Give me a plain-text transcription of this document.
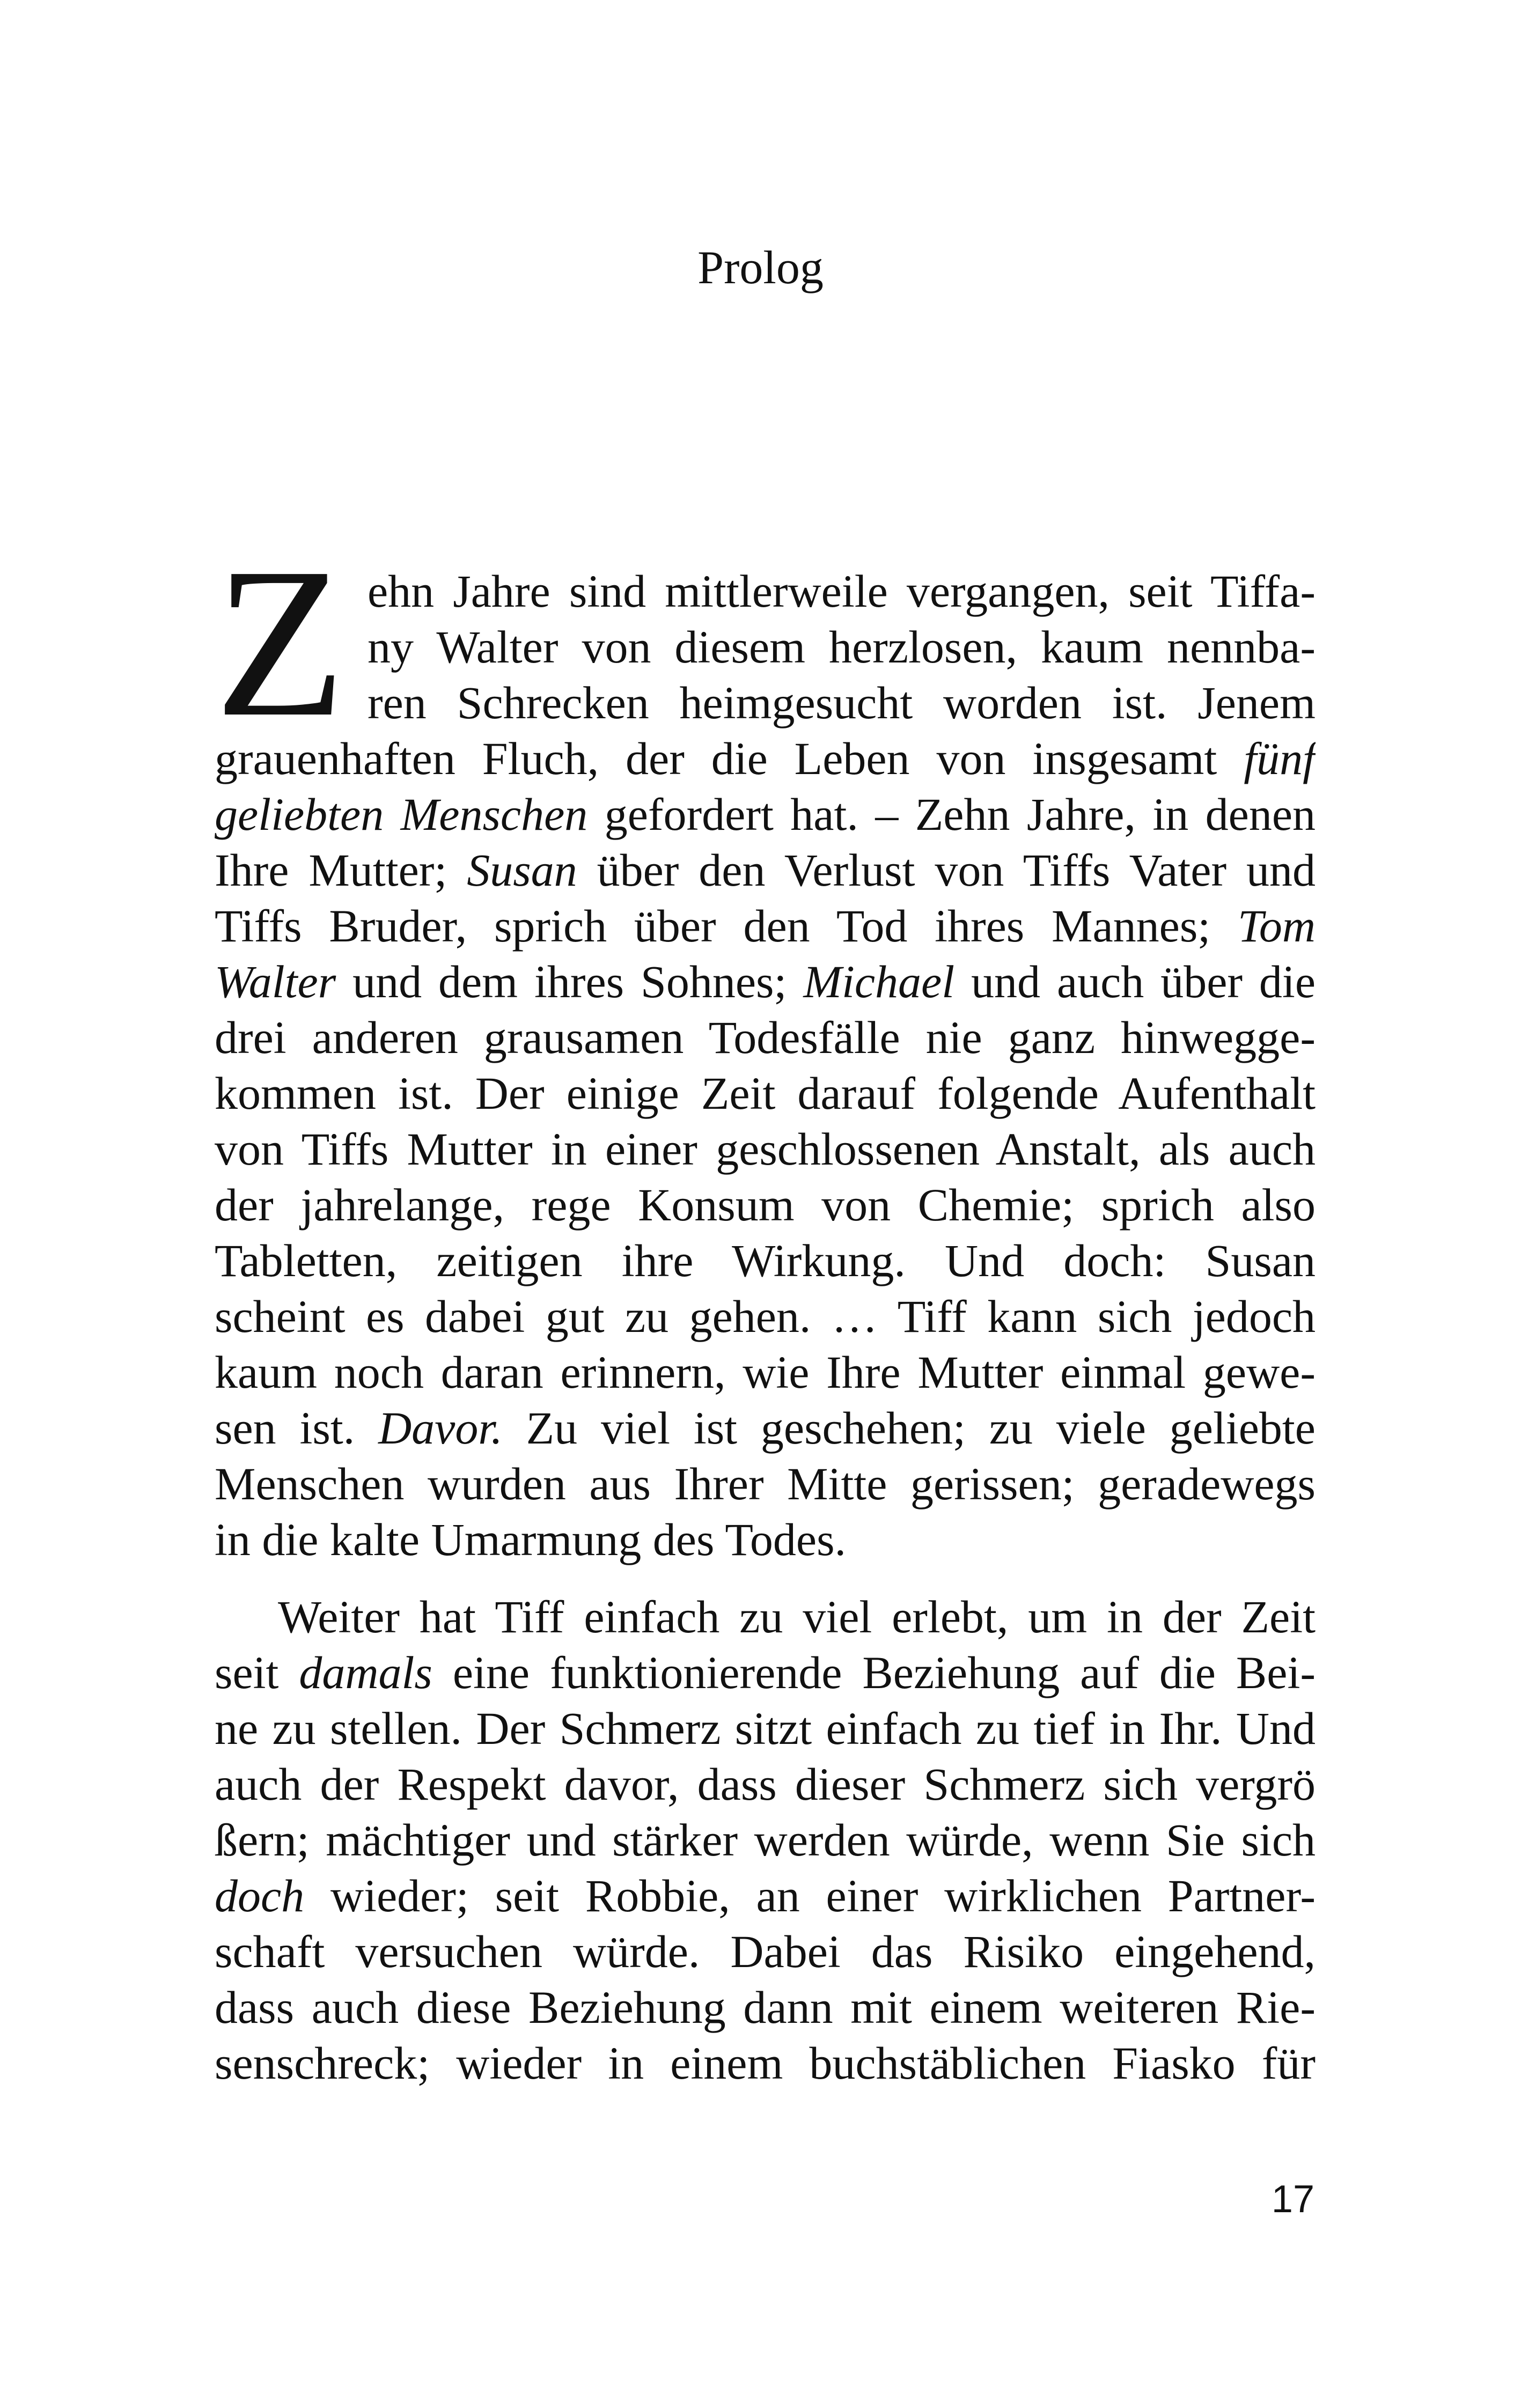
Prolog
Z ehn Jahre sind mittlerweile vergangen, seit Tiffa-
ny Walter von diesem herzlosen, kaum nennba-
ren Schrecken heimgesucht worden ist. Jenem
grauenhaften Fluch, der die Leben von insgesamt fünf
geliebten Menschen gefordert hat. – Zehn Jahre, in denen
Ihre Mutter; Susan über den Verlust von Tiffs Vater und
Tiffs Bruder, sprich über den Tod ihres Mannes; Tom
Walter und dem ihres Sohnes; Michael und auch über die
drei anderen grausamen Todesfälle nie ganz hinwegge-
kommen ist. Der einige Zeit darauf folgende Aufenthalt
von Tiffs Mutter in einer geschlossenen Anstalt, als auch
der jahrelange, rege Konsum von Chemie; sprich also
Tabletten, zeitigen ihre Wirkung. Und doch: Susan
scheint es dabei gut zu gehen. … Tiff kann sich jedoch
kaum noch daran erinnern, wie Ihre Mutter einmal gewe-
sen ist. Davor. Zu viel ist geschehen; zu viele geliebte
Menschen wurden aus Ihrer Mitte gerissen; geradewegs
in die kalte Umarmung des Todes.
Weiter hat Tiff einfach zu viel erlebt, um in der Zeit
seit damals eine funktionierende Beziehung auf die Bei-
ne zu stellen. Der Schmerz sitzt einfach zu tief in Ihr. Und
auch der Respekt davor, dass dieser Schmerz sich vergrö
ßern; mächtiger und stärker werden würde, wenn Sie sich
doch wieder; seit Robbie, an einer wirklichen Partner-
schaft versuchen würde. Dabei das Risiko eingehend,
dass auch diese Beziehung dann mit einem weiteren Rie-
senschreck; wieder in einem buchstäblichen Fiasko für
17
